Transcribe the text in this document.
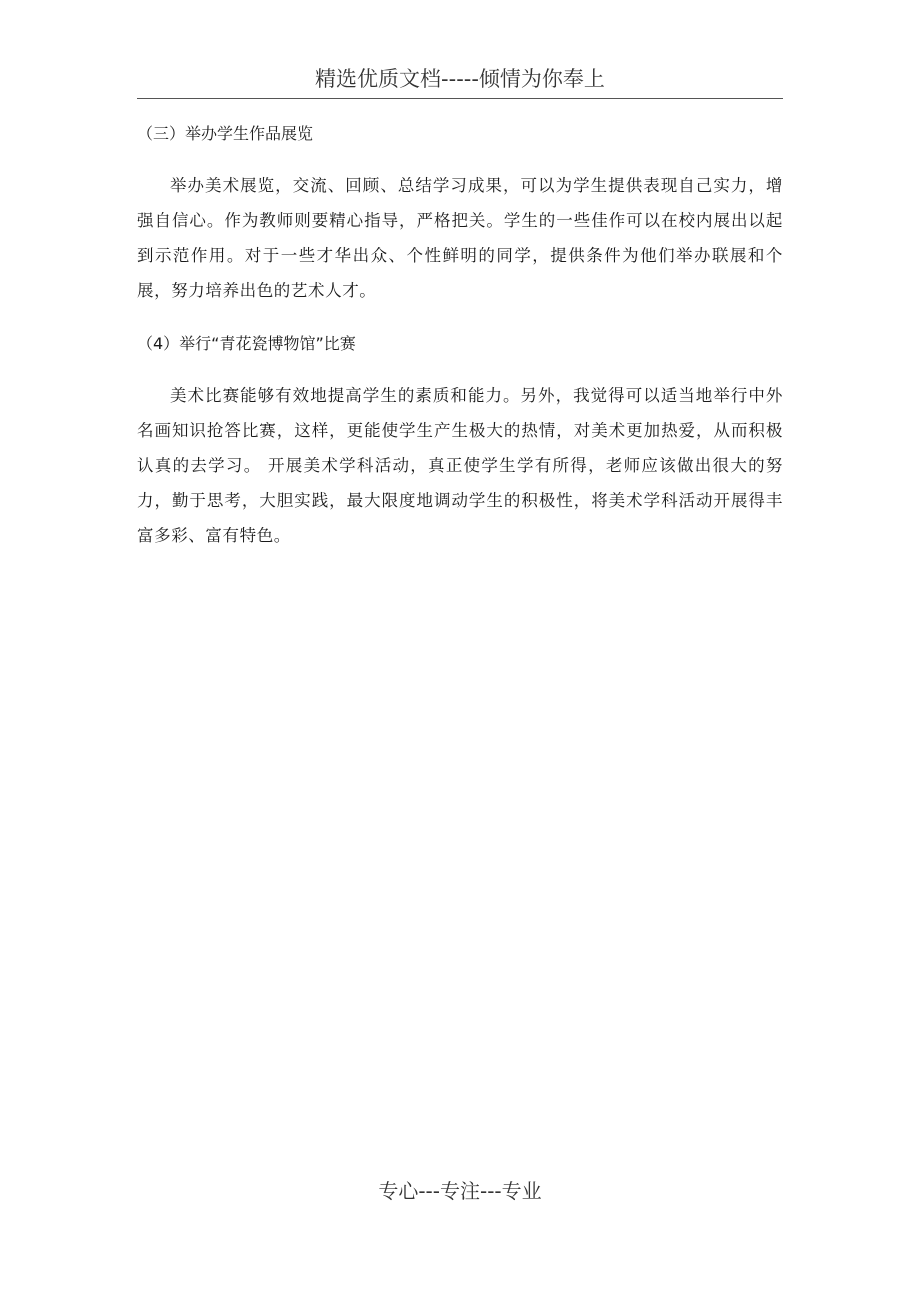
精选优质文档-----倾情为你奉上

（三）举办学生作品展览

举办美术展览，交流、回顾、总结学习成果，可以为学生提供表现自己实力，增强自信心。作为教师则要精心指导，严格把关。学生的一些佳作可以在校内展出以起到示范作用。对于一些才华出众、个性鲜明的同学，提供条件为他们举办联展和个展，努力培养出色的艺术人才。

（4）举行“青花瓷博物馆”比赛

美术比赛能够有效地提高学生的素质和能力。另外，我觉得可以适当地举行中外名画知识抢答比赛，这样，更能使学生产生极大的热情，对美术更加热爱，从而积极认真的去学习。 开展美术学科活动，真正使学生学有所得，老师应该做出很大的努力，勤于思考，大胆实践，最大限度地调动学生的积极性，将美术学科活动开展得丰富多彩、富有特色。

专心---专注---专业
